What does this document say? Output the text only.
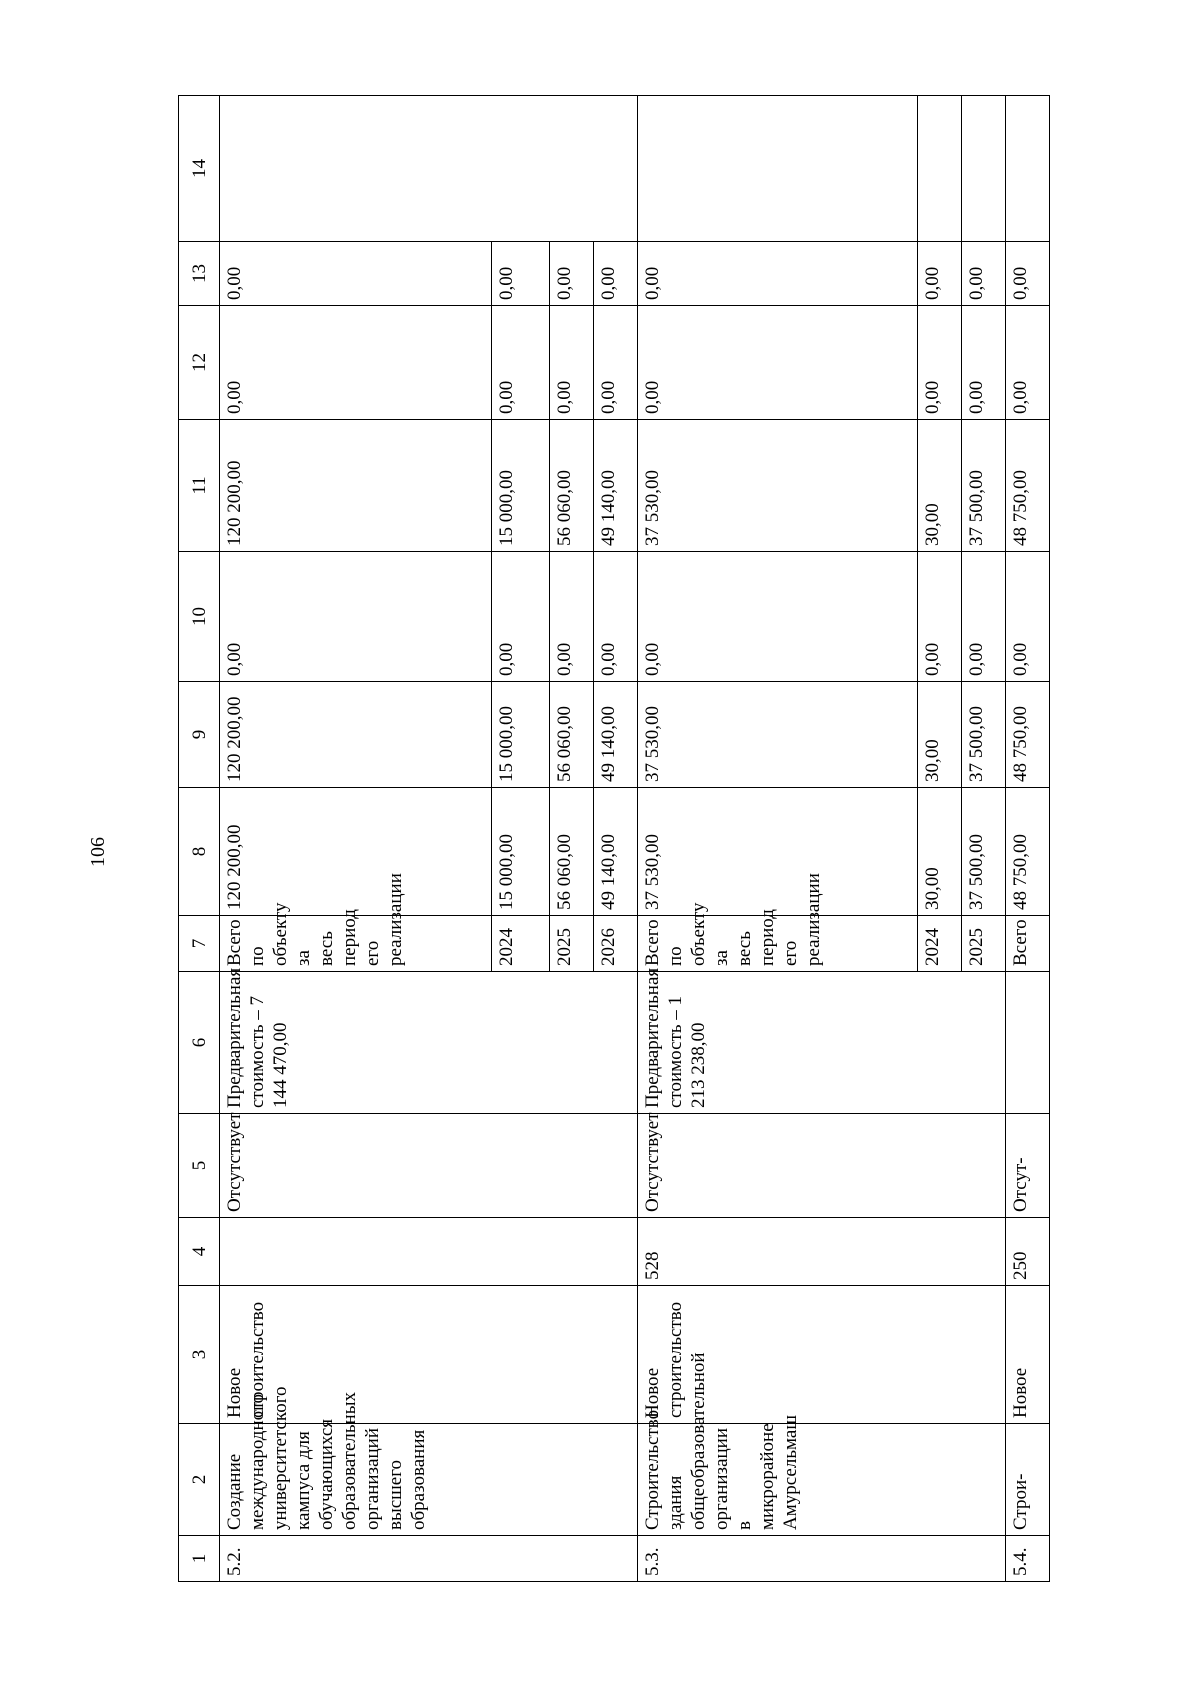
106
1	2	3	4	5	6	7	8	9	10	11	12	13	14
5.2.	Создание международного университетского кампуса для обучающихся образовательных организаций высшего образования	Новое строительство		Отсутствует	Предварительная стоимость – 7 144 470,00	Всего по объекту за весь период его реализации	120 200,00	120 200,00	0,00	120 200,00	0,00	0,00	
						2024	15 000,00	15 000,00	0,00	15 000,00	0,00	0,00	
						2025	56 060,00	56 060,00	0,00	56 060,00	0,00	0,00	
						2026	49 140,00	49 140,00	0,00	49 140,00	0,00	0,00	
5.3.	Строительство здания общеобразовательной организации в микрорайоне Амурсельмаш	Новое строительство	528	Отсутствует	Предварительная стоимость – 1 213 238,00	Всего по объекту за весь период его реализации	37 530,00	37 530,00	0,00	37 530,00	0,00	0,00	
						2024	30,00	30,00	0,00	30,00	0,00	0,00	
						2025	37 500,00	37 500,00	0,00	37 500,00	0,00	0,00	
5.4.	Строи-	Новое	250	Отсут-		Всего	48 750,00	48 750,00	0,00	48 750,00	0,00	0,00	
